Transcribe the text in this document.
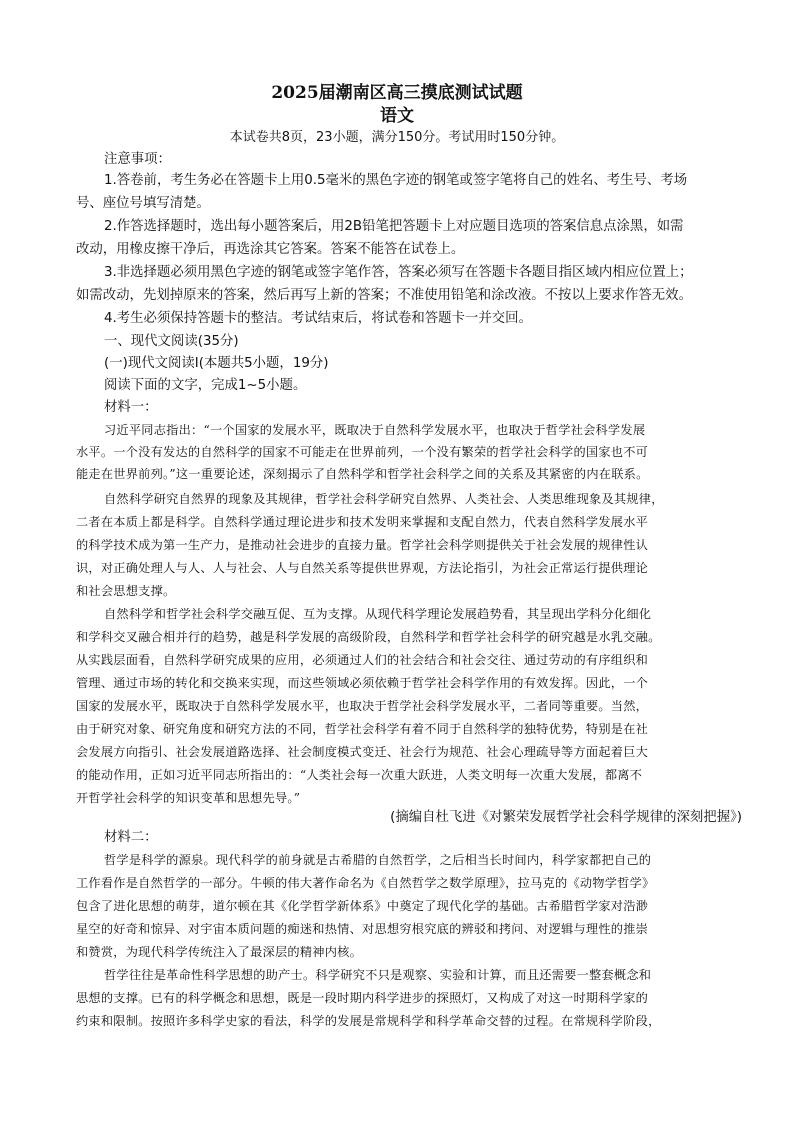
2025届潮南区高三摸底测试试题
语文
本试卷共8页，23小题，满分150分。考试用时150分钟。
注意事项：
1.答卷前，考生务必在答题卡上用0.5毫米的黑色字迹的钢笔或签字笔将自己的姓名、考生号、考场
号、座位号填写清楚。
2.作答选择题时，选出每小题答案后，用2B铅笔把答题卡上对应题目选项的答案信息点涂黑，如需
改动，用橡皮擦干净后，再选涂其它答案。答案不能答在试卷上。
3.非选择题必须用黑色字迹的钢笔或签字笔作答，答案必须写在答题卡各题目指区域内相应位置上；
如需改动，先划掉原来的答案，然后再写上新的答案；不准使用铅笔和涂改液。不按以上要求作答无效。
4.考生必须保持答题卡的整洁。考试结束后，将试卷和答题卡一并交回。
一、现代文阅读(35分)
(一)现代文阅读Ⅰ(本题共5小题，19分)
阅读下面的文字，完成1~5小题。
材料一：
习近平同志指出：“一个国家的发展水平，既取决于自然科学发展水平，也取决于哲学社会科学发展
水平。一个没有发达的自然科学的国家不可能走在世界前列，一个没有繁荣的哲学社会科学的国家也不可
能走在世界前列。”这一重要论述，深刻揭示了自然科学和哲学社会科学之间的关系及其紧密的内在联系。
自然科学研究自然界的现象及其规律，哲学社会科学研究自然界、人类社会、人类思维现象及其规律，
二者在本质上都是科学。自然科学通过理论进步和技术发明来掌握和支配自然力，代表自然科学发展水平
的科学技术成为第一生产力，是推动社会进步的直接力量。哲学社会科学则提供关于社会发展的规律性认
识，对正确处理人与人、人与社会、人与自然关系等提供世界观，方法论指引，为社会正常运行提供理论
和社会思想支撑。
自然科学和哲学社会科学交融互促、互为支撑。从现代科学理论发展趋势看，其呈现出学科分化细化
和学科交叉融合相并行的趋势，越是科学发展的高级阶段，自然科学和哲学社会科学的研究越是水乳交融。
从实践层面看，自然科学研究成果的应用，必须通过人们的社会结合和社会交往、通过劳动的有序组织和
管理、通过市场的转化和交换来实现，而这些领域必须依赖于哲学社会科学作用的有效发挥。因此，一个
国家的发展水平，既取决于自然科学发展水平，也取决于哲学社会科学发展水平，二者同等重要。当然，
由于研究对象、研究角度和研究方法的不同，哲学社会科学有着不同于自然科学的独特优势，特别是在社
会发展方向指引、社会发展道路选择、社会制度模式变迁、社会行为规范、社会心理疏导等方面起着巨大
的能动作用，正如习近平同志所指出的：“人类社会每一次重大跃进，人类文明每一次重大发展，都离不
开哲学社会科学的知识变革和思想先导。”
(摘编自杜飞进《对繁荣发展哲学社会科学规律的深刻把握》)
材料二：
哲学是科学的源泉。现代科学的前身就是古希腊的自然哲学，之后相当长时间内，科学家都把自己的
工作看作是自然哲学的一部分。牛顿的伟大著作命名为《自然哲学之数学原理》，拉马克的《动物学哲学》
包含了进化思想的萌芽，道尔顿在其《化学哲学新体系》中奠定了现代化学的基础。古希腊哲学家对浩渺
星空的好奇和惊异、对宇宙本质问题的痴迷和热情、对思想穷根究底的辨驳和拷问、对逻辑与理性的推崇
和赞赏，为现代科学传统注入了最深层的精神内核。
哲学往往是革命性科学思想的助产士。科学研究不只是观察、实验和计算，而且还需要一整套概念和
思想的支撑。已有的科学概念和思想，既是一段时期内科学进步的探照灯，又构成了对这一时期科学家的
约束和限制。按照许多科学史家的看法，科学的发展是常规科学和科学革命交替的过程。在常规科学阶段，
